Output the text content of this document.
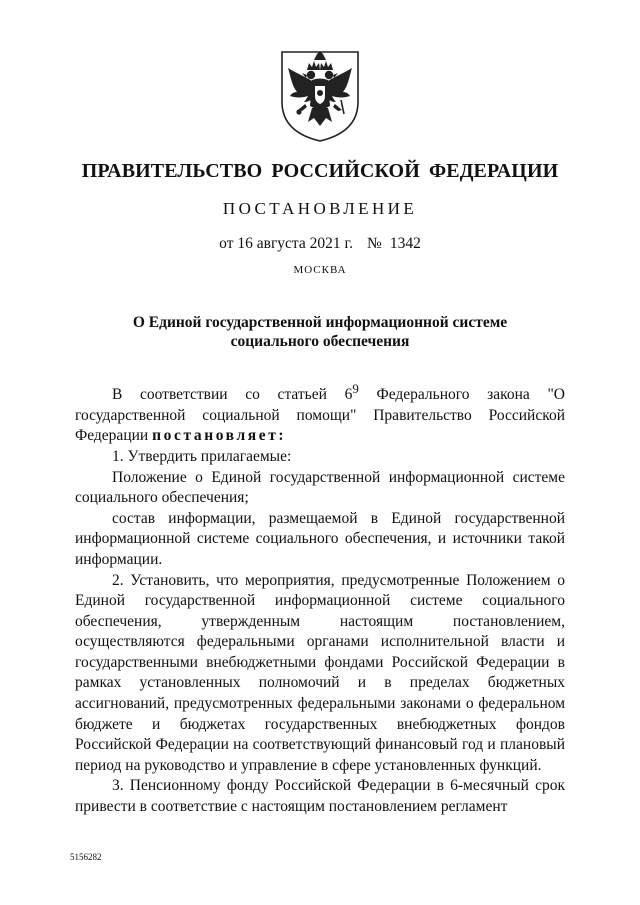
ПРАВИТЕЛЬСТВО РОССИЙСКОЙ ФЕДЕРАЦИИ
ПОСТАНОВЛЕНИЕ
от 16 августа 2021 г. № 1342
МОСКВА
О Единой государственной информационной системе
социального обеспечения

В соответствии со статьей $6^9$ Федерального закона "О государственной социальной помощи" Правительство Российской Федерации постановляет:

1. Утвердить прилагаемые:

Положение о Единой государственной информационной системе социального обеспечения;

состав информации, размещаемой в Единой государственной информационной системе социального обеспечения, и источники такой информации.

2. Установить, что мероприятия, предусмотренные Положением о Единой государственной информационной системе социального обеспечения, утвержденным настоящим постановлением, осуществляются федеральными органами исполнительной власти и государственными внебюджетными фондами Российской Федерации в рамках установленных полномочий и в пределах бюджетных ассигнований, предусмотренных федеральными законами о федеральном бюджете и бюджетах государственных внебюджетных фондов Российской Федерации на соответствующий финансовый год и плановый период на руководство и управление в сфере установленных функций.

3. Пенсионному фонду Российской Федерации в 6-месячный срок привести в соответствие с настоящим постановлением регламент

5156282
